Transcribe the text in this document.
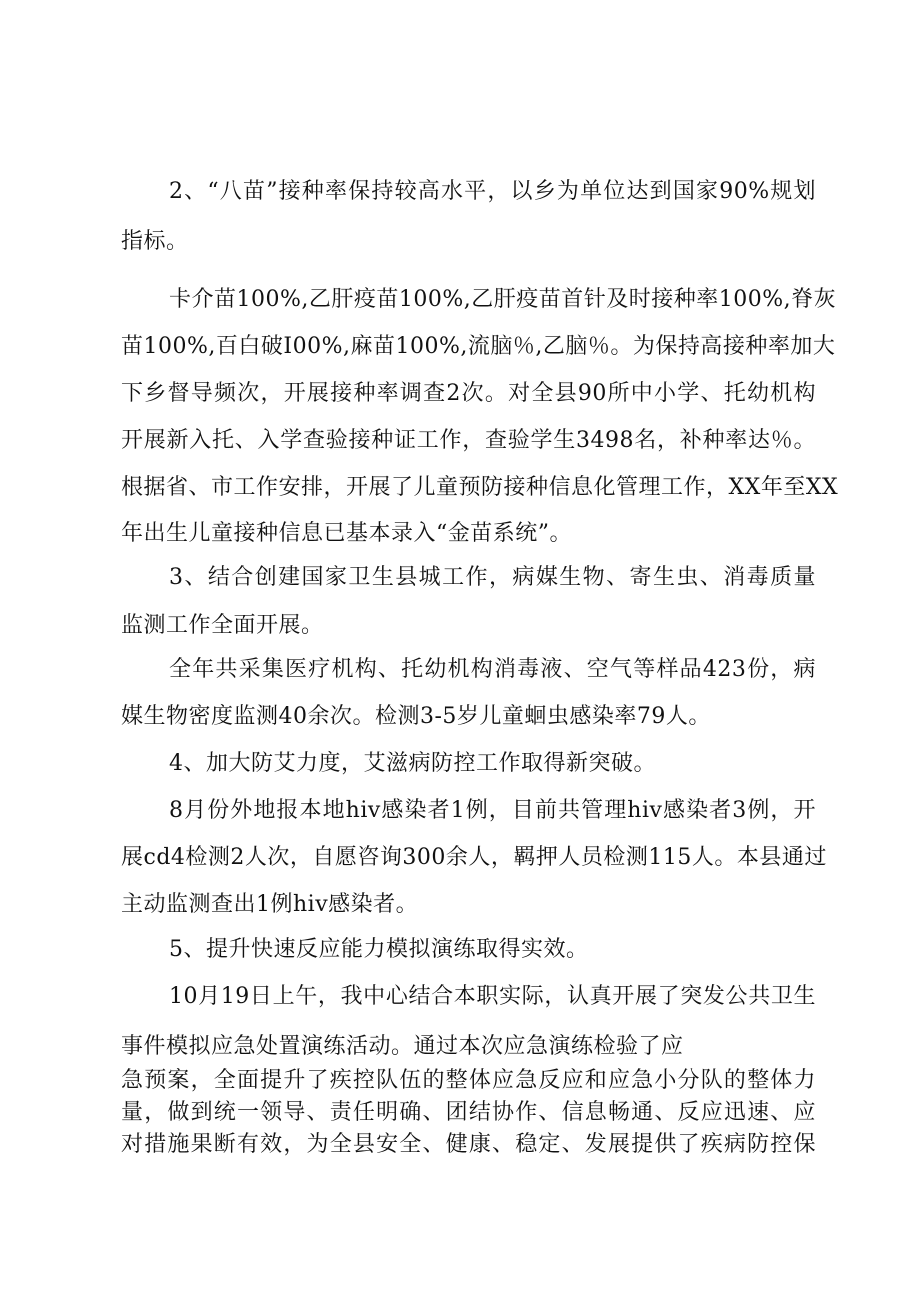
2、“八苗”接种率保持较高水平，以乡为单位达到国家90%规划
指标。
卡介苗100%,乙肝疫苗100%,乙肝疫苗首针及时接种率100%,脊灰
苗100%,百白破I00%,麻苗100%,流脑％,乙脑％。为保持高接种率加大
下乡督导频次，开展接种率调查2次。对全县90所中小学、托幼机构
开展新入托、入学查验接种证工作，查验学生3498名，补种率达％。
根据省、市工作安排，开展了儿童预防接种信息化管理工作，XX年至XX
年出生儿童接种信息已基本录入“金苗系统”。
3、结合创建国家卫生县城工作，病媒生物、寄生虫、消毒质量
监测工作全面开展。
全年共采集医疗机构、托幼机构消毒液、空气等样品423份，病
媒生物密度监测40余次。检测3-5岁儿童蛔虫感染率79人。
4、加大防艾力度，艾滋病防控工作取得新突破。
8月份外地报本地hiv感染者1例，目前共管理hiv感染者3例，开
展cd4检测2人次，自愿咨询300余人，羁押人员检测115人。本县通过
主动监测查出1例hiv感染者。
5、提升快速反应能力模拟演练取得实效。
10月19日上午，我中心结合本职实际，认真开展了突发公共卫生
事件模拟应急处置演练活动。通过本次应急演练检验了应
急预案，全面提升了疾控队伍的整体应急反应和应急小分队的整体力
量，做到统一领导、责任明确、团结协作、信息畅通、反应迅速、应
对措施果断有效，为全县安全、健康、稳定、发展提供了疾病防控保
